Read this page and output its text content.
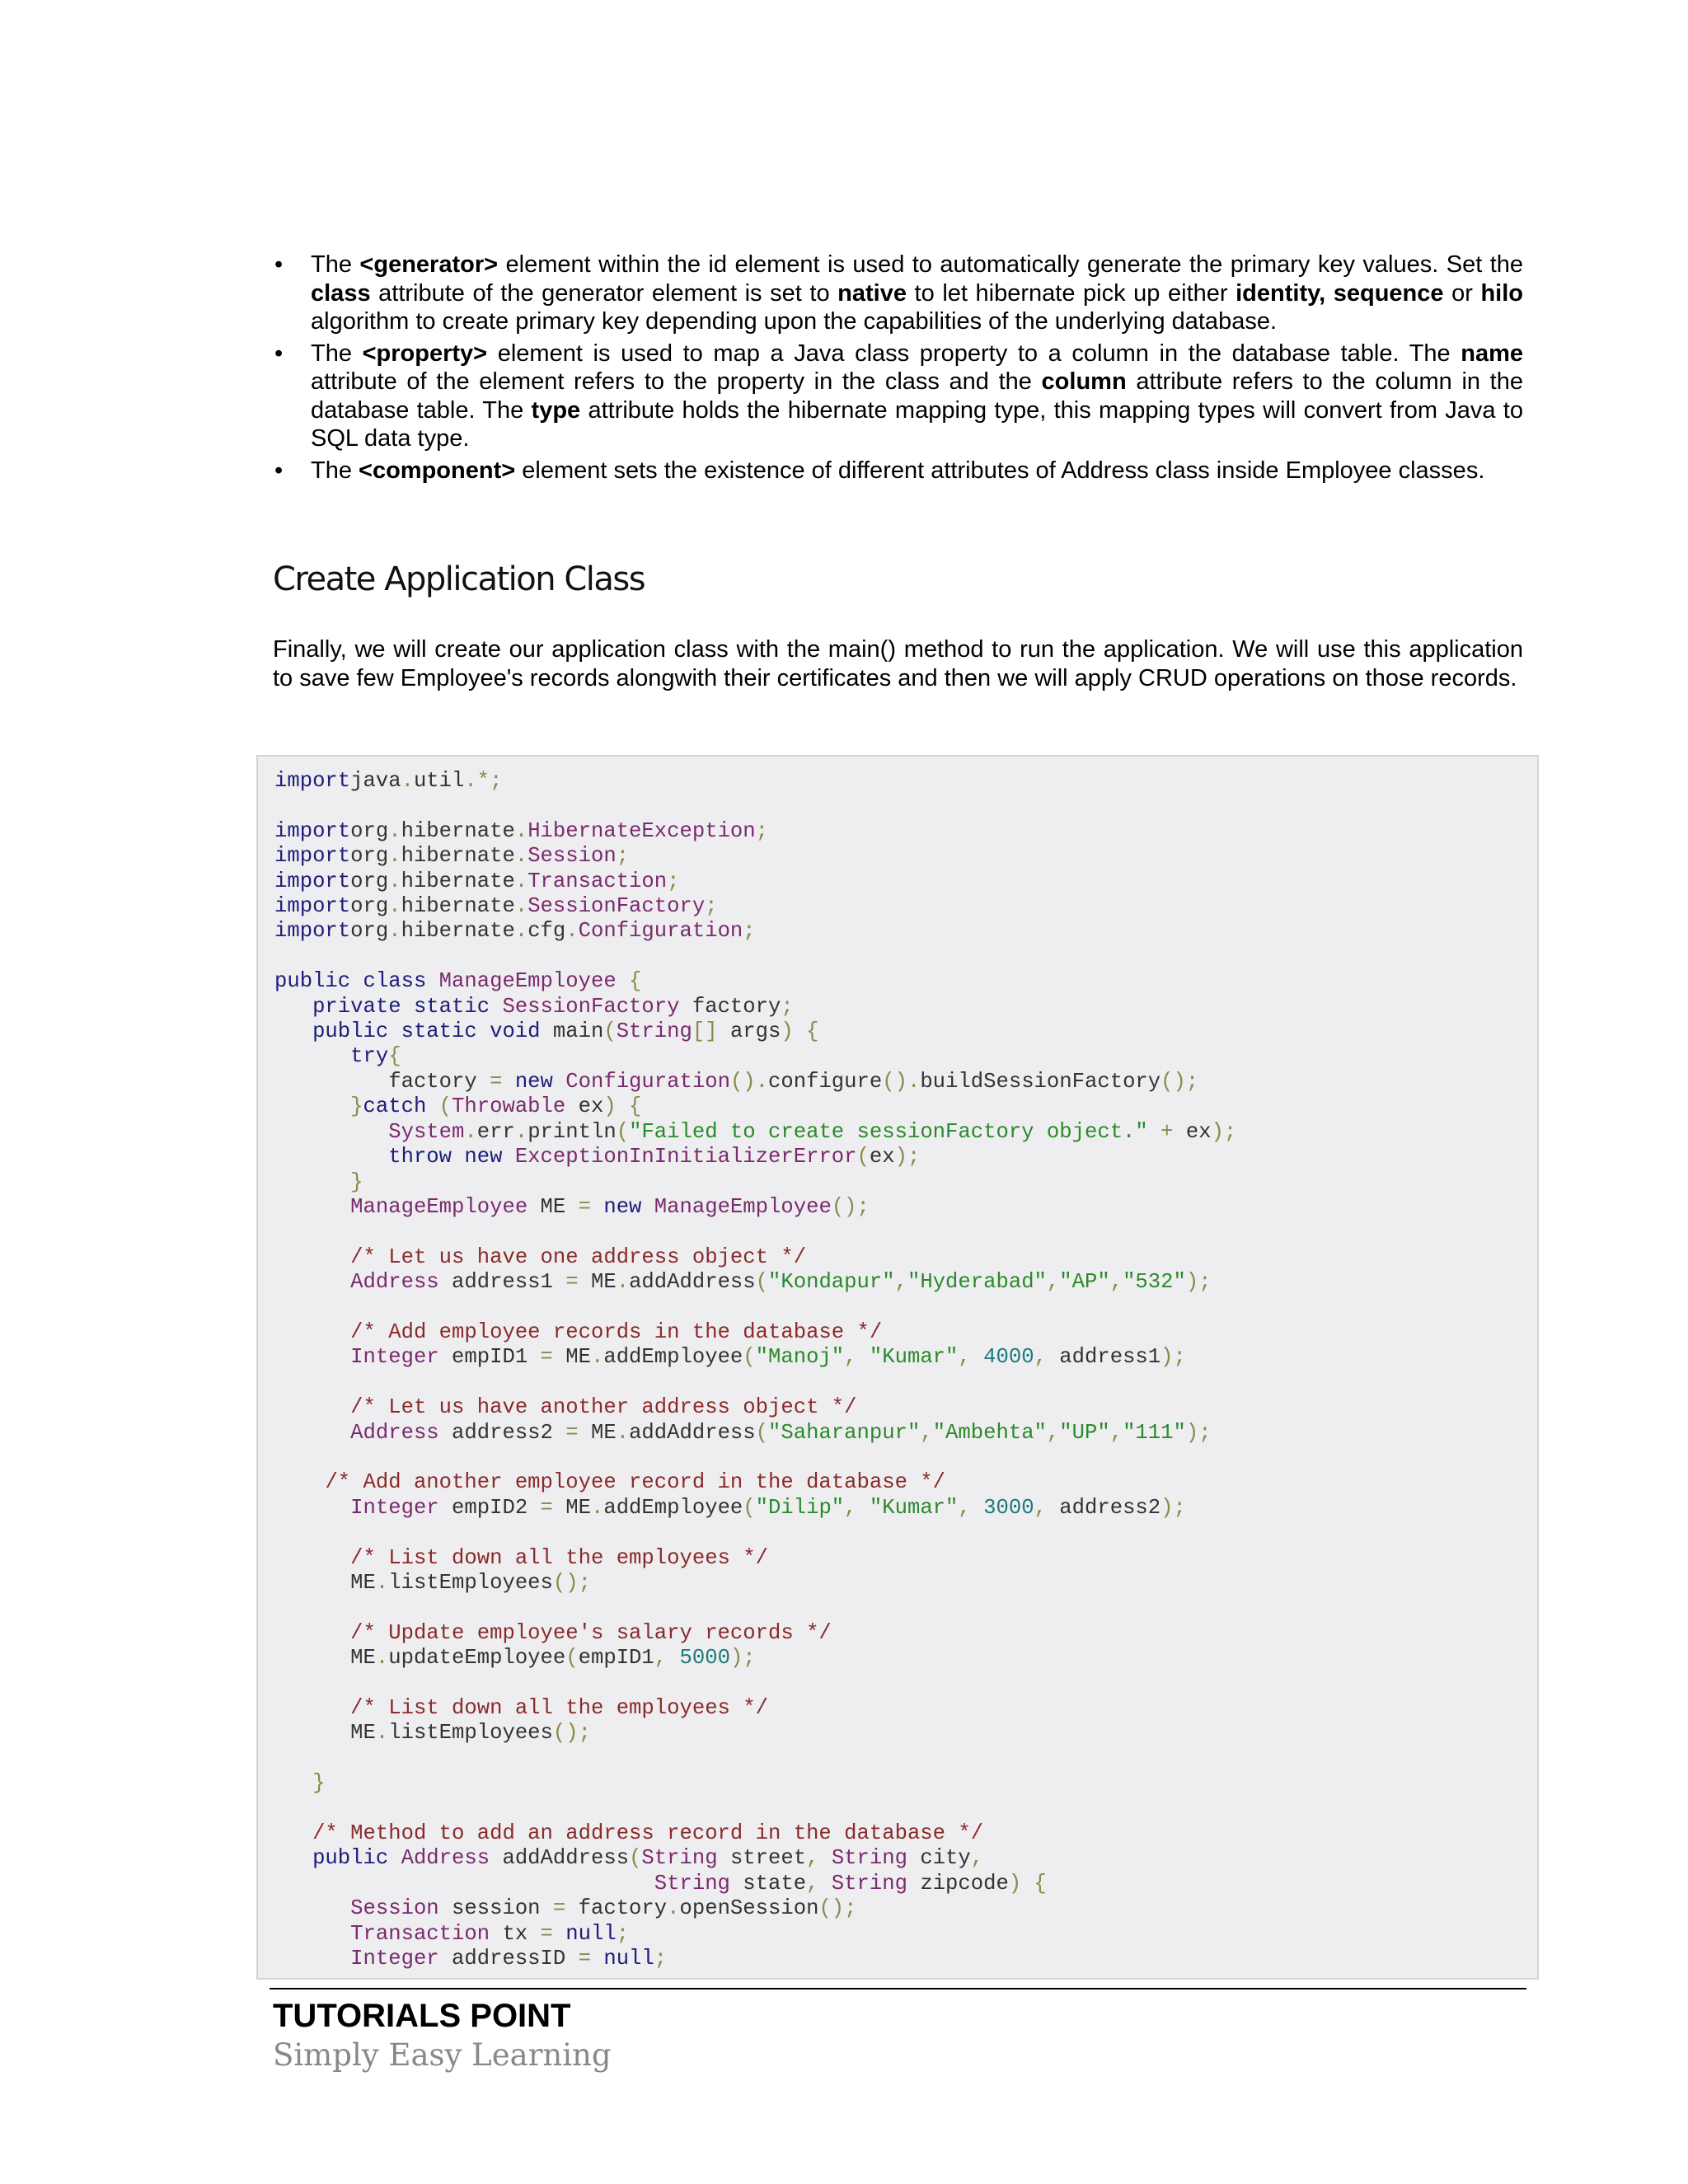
• The <generator> element within the id element is used to automatically generate the primary key values. Set the class attribute of the generator element is set to native to let hibernate pick up either identity, sequence or hilo algorithm to create primary key depending upon the capabilities of the underlying database.
• The <property> element is used to map a Java class property to a column in the database table. The name attribute of the element refers to the property in the class and the column attribute refers to the column in the database table. The type attribute holds the hibernate mapping type, this mapping types will convert from Java to SQL data type.
• The <component> element sets the existence of different attributes of Address class inside Employee classes.
Create Application Class

Finally, we will create our application class with the main() method to run the application. We will use this application to save few Employee's records alongwith their certificates and then we will apply CRUD operations on those records.

importjava.util.*;

importorg.hibernate.HibernateException;
importorg.hibernate.Session;
importorg.hibernate.Transaction;
importorg.hibernate.SessionFactory;
importorg.hibernate.cfg.Configuration;

public class ManageEmployee {
private static SessionFactory factory;
public static void main(String[] args) {
try{
factory = new Configuration().configure().buildSessionFactory();
}catch (Throwable ex) {
System.err.println("Failed to create sessionFactory object." + ex);
throw new ExceptionInInitializerError(ex);
}
ManageEmployee ME = new ManageEmployee();

/* Let us have one address object */
Address address1 = ME.addAddress("Kondapur","Hyderabad","AP","532");

/* Add employee records in the database */
Integer empID1 = ME.addEmployee("Manoj", "Kumar", 4000, address1);

/* Let us have another address object */
Address address2 = ME.addAddress("Saharanpur","Ambehta","UP","111");

/* Add another employee record in the database */
Integer empID2 = ME.addEmployee("Dilip", "Kumar", 3000, address2);

/* List down all the employees */
ME.listEmployees();

/* Update employee's salary records */
ME.updateEmployee(empID1, 5000);

/* List down all the employees */
ME.listEmployees();

}

/* Method to add an address record in the database */
public Address addAddress(String street, String city,
String state, String zipcode) {
Session session = factory.openSession();
Transaction tx = null;
Integer addressID = null;
TUTORIALS POINT
Simply Easy Learning
